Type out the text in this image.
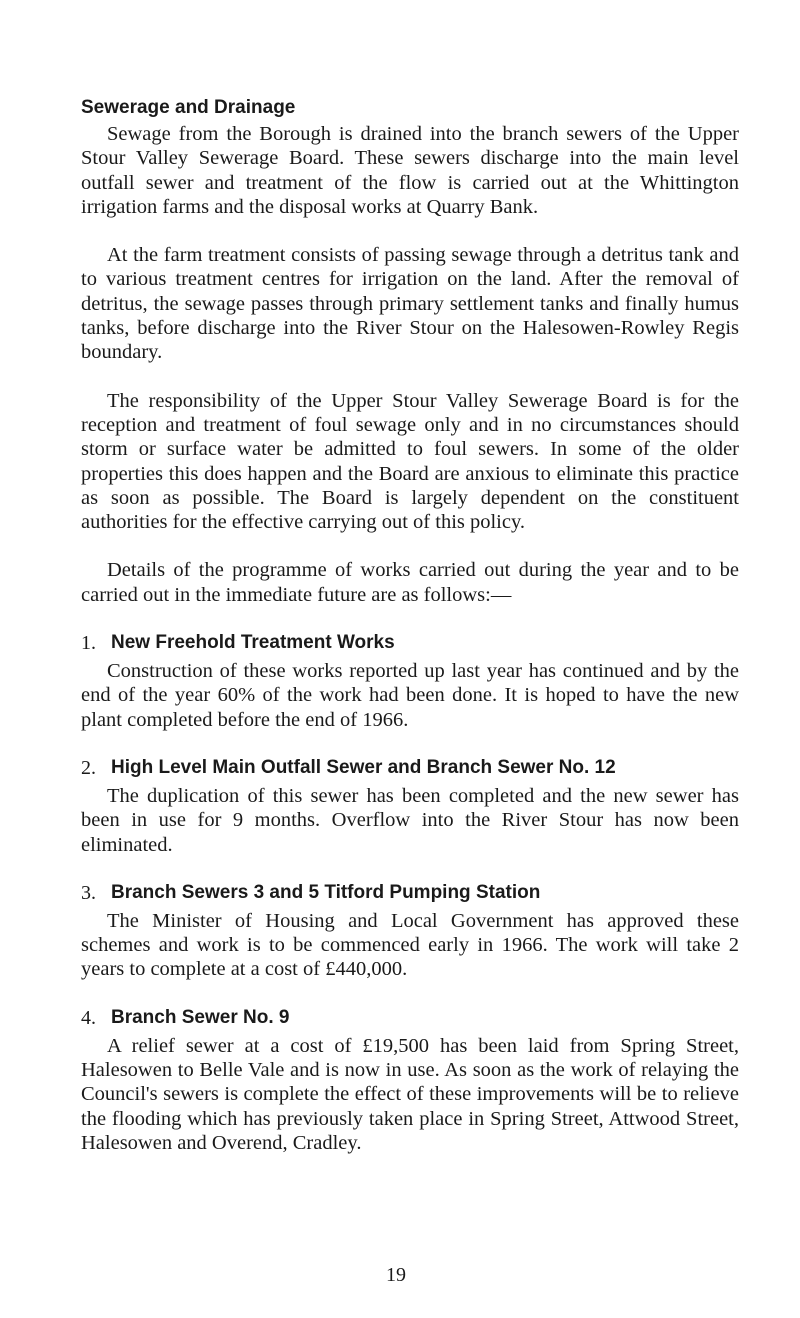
Sewerage and Drainage

Sewage from the Borough is drained into the branch sewers of the Upper Stour Valley Sewerage Board. These sewers discharge into the main level outfall sewer and treatment of the flow is carried out at the Whittington irrigation farms and the disposal works at Quarry Bank.

At the farm treatment consists of passing sewage through a detritus tank and to various treatment centres for irrigation on the land. After the removal of detritus, the sewage passes through primary settlement tanks and finally humus tanks, before discharge into the River Stour on the Halesowen-Rowley Regis boundary.

The responsibility of the Upper Stour Valley Sewerage Board is for the reception and treatment of foul sewage only and in no circumstances should storm or surface water be admitted to foul sewers. In some of the older properties this does happen and the Board are anxious to eliminate this practice as soon as possible. The Board is largely dependent on the constituent authorities for the effective carrying out of this policy.

Details of the programme of works carried out during the year and to be carried out in the immediate future are as follows:—

1. New Freehold Treatment Works

Construction of these works reported up last year has continued and by the end of the year 60% of the work had been done. It is hoped to have the new plant completed before the end of 1966.

2. High Level Main Outfall Sewer and Branch Sewer No. 12

The duplication of this sewer has been completed and the new sewer has been in use for 9 months. Overflow into the River Stour has now been eliminated.

3. Branch Sewers 3 and 5 Titford Pumping Station

The Minister of Housing and Local Government has approved these schemes and work is to be commenced early in 1966. The work will take 2 years to complete at a cost of £440,000.

4. Branch Sewer No. 9

A relief sewer at a cost of £19,500 has been laid from Spring Street, Halesowen to Belle Vale and is now in use. As soon as the work of relaying the Council's sewers is complete the effect of these improvements will be to relieve the flooding which has previously taken place in Spring Street, Attwood Street, Halesowen and Overend, Cradley.

19
